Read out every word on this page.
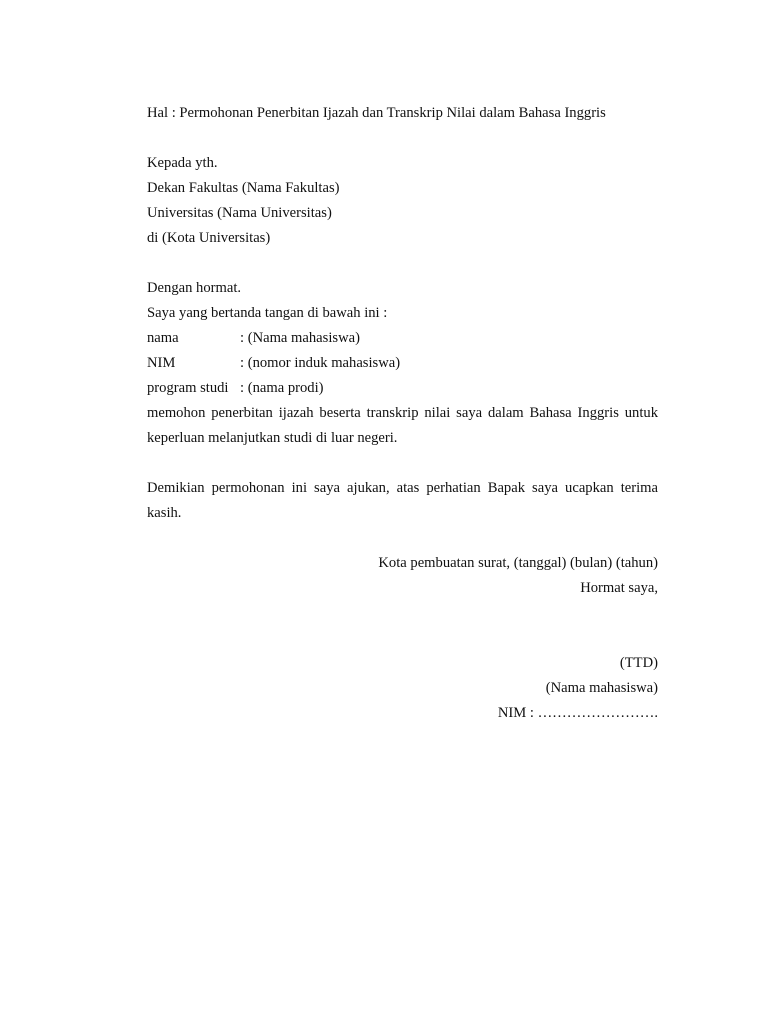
Hal : Permohonan Penerbitan Ijazah dan Transkrip Nilai dalam Bahasa Inggris
Kepada yth.
Dekan Fakultas (Nama Fakultas)
Universitas (Nama Universitas)
di (Kota Universitas)
Dengan hormat.
Saya yang bertanda tangan di bawah ini :
nama	: (Nama mahasiswa)
NIM	: (nomor induk mahasiswa)
program studi : (nama prodi)
memohon penerbitan ijazah beserta transkrip nilai saya dalam Bahasa Inggris untuk keperluan melanjutkan studi di luar negeri.
Demikian permohonan ini saya ajukan, atas perhatian Bapak saya ucapkan terima kasih.
Kota pembuatan surat, (tanggal) (bulan) (tahun)
Hormat saya,
(TTD)
(Nama mahasiswa)
NIM : …………………….
